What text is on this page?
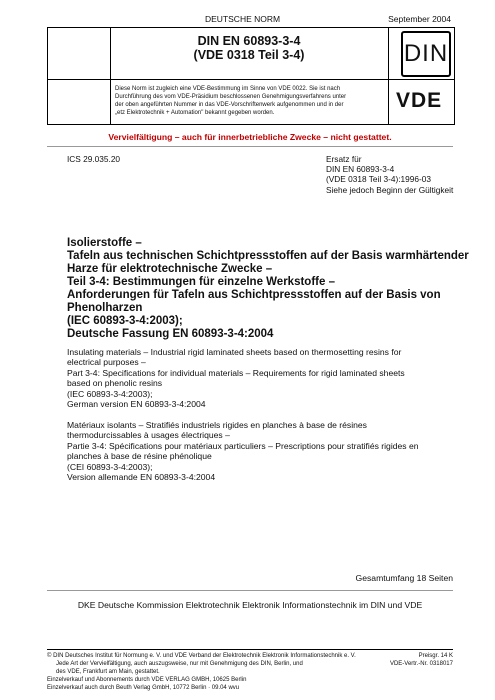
DEUTSCHE NORM	September 2004
DIN EN 60893-3-4
(VDE 0318 Teil 3-4)	DIN
Diese Norm ist zugleich eine VDE-Bestimmung im Sinne von VDE 0022. Sie ist nach
Durchführung des vom VDE-Präsidium beschlossenen Genehmigungsverfahrens unter
der oben angeführten Nummer in das VDE-Vorschriftenwerk aufgenommen und in der
„etz Elektrotechnik + Automation" bekannt gegeben worden.
VDE
Vervielfältigung – auch für innerbetriebliche Zwecke – nicht gestattet.
ICS 29.035.20	Ersatz für
DIN EN 60893-3-4
(VDE 0318 Teil 3-4):1996-03
Siehe jedoch Beginn der Gültigkeit
Isolierstoffe –
Tafeln aus technischen Schichtpressstoffen auf der Basis warmhärtender
Harze für elektrotechnische Zwecke –
Teil 3-4: Bestimmungen für einzelne Werkstoffe –
Anforderungen für Tafeln aus Schichtpressstoffen auf der Basis von
Phenolharzen
(IEC 60893-3-4:2003);
Deutsche Fassung EN 60893-3-4:2004
Insulating materials – Industrial rigid laminated sheets based on thermosetting resins for
electrical purposes –
Part 3-4: Specifications for individual materials – Requirements for rigid laminated sheets
based on phenolic resins
(IEC 60893-3-4:2003);
German version EN 60893-3-4:2004
Matériaux isolants – Stratifiés industriels rigides en planches à base de résines
thermodurcissables à usages électriques –
Partie 3-4: Spécifications pour matériaux particuliers – Prescriptions pour stratifiés rigides en
planches à base de résine phénolique
(CEI 60893-3-4:2003);
Version allemande EN 60893-3-4:2004
Gesamtumfang 18 Seiten
DKE Deutsche Kommission Elektrotechnik Elektronik Informationstechnik im DIN und VDE
© DIN Deutsches Institut für Normung e. V. und VDE Verband der Elektrotechnik Elektronik Informationstechnik e. V.
Jede Art der Vervielfältigung, auch auszugsweise, nur mit Genehmigung des DIN, Berlin, und
des VDE, Frankfurt am Main, gestattet.
Einzelverkauf und Abonnements durch VDE VERLAG GMBH, 10625 Berlin
Einzelverkauf auch durch Beuth Verlag GmbH, 10772 Berlin · 09.04 wvu
Preisgr. 14 K
VDE-Vertr.-Nr. 0318017
